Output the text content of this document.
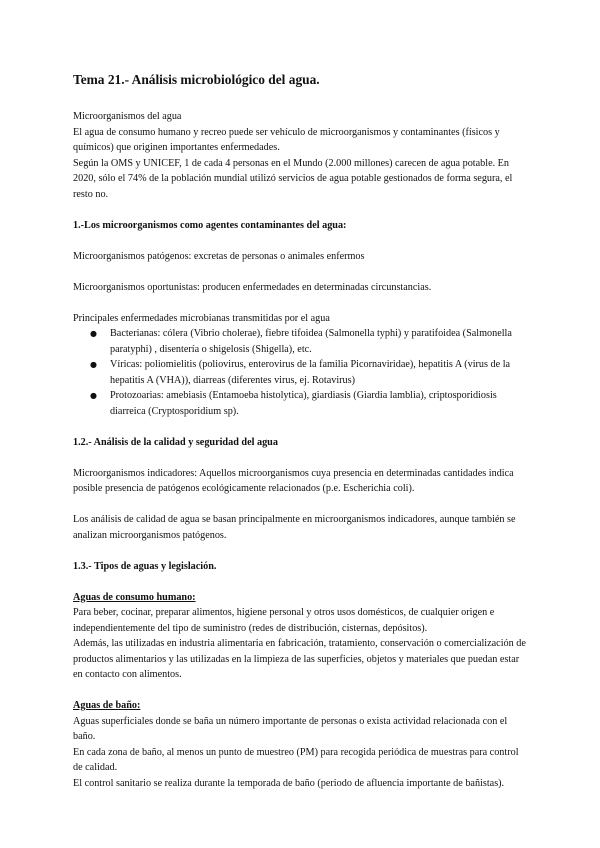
Tema 21.- Análisis microbiológico del agua.

Microorganismos del agua

El agua de consumo humano y recreo puede ser vehículo de microorganismos y contaminantes (físicos y químicos) que originen importantes enfermedades.

Según la OMS y UNICEF, 1 de cada 4 personas en el Mundo (2.000 millones) carecen de agua potable. En 2020, sólo el 74% de la población mundial utilizó servicios de agua potable gestionados de forma segura, el resto no.

1.-Los microorganismos como agentes contaminantes del agua:

Microorganismos patógenos: excretas de personas o animales enfermos

Microorganismos oportunistas: producen enfermedades en determinadas circunstancias.

Principales enfermedades microbianas transmitidas por el agua

● Bacterianas: cólera (Vibrio cholerae), fiebre tifoidea (Salmonella typhi) y paratifoidea (Salmonella paratyphi) , disentería o shigelosis (Shigella), etc.
● Víricas: poliomielitis (poliovirus, enterovirus de la familia Picornaviridae), hepatitis A (virus de la hepatitis A (VHA)), diarreas (diferentes virus, ej. Rotavirus)
● Protozoarias: amebiasis (Entamoeba histolytica), giardiasis (Giardia lamblia), criptosporidiosis diarreica (Cryptosporidium sp).
1.2.- Análisis de la calidad y seguridad del agua

Microorganismos indicadores: Aquellos microorganismos cuya presencia en determinadas cantidades indica posible presencia de patógenos ecológicamente relacionados (p.e. Escherichia coli).

Los análisis de calidad de agua se basan principalmente en microorganismos indicadores, aunque también se analizan microorganismos patógenos.

1.3.- Tipos de aguas y legislación.
Aguas de consumo humano:

Para beber, cocinar, preparar alimentos, higiene personal y otros usos domésticos, de cualquier origen e independientemente del tipo de suministro (redes de distribución, cisternas, depósitos).

Además, las utilizadas en industria alimentaria en fabricación, tratamiento, conservación o comercialización de productos alimentarios y las utilizadas en la limpieza de las superficies, objetos y materiales que puedan estar en contacto con alimentos.

Aguas de baño:

Aguas superficiales donde se baña un número importante de personas o exista actividad relacionada con el baño.

En cada zona de baño, al menos un punto de muestreo (PM) para recogida periódica de muestras para control de calidad.

El control sanitario se realiza durante la temporada de baño (periodo de afluencia importante de bañistas).
